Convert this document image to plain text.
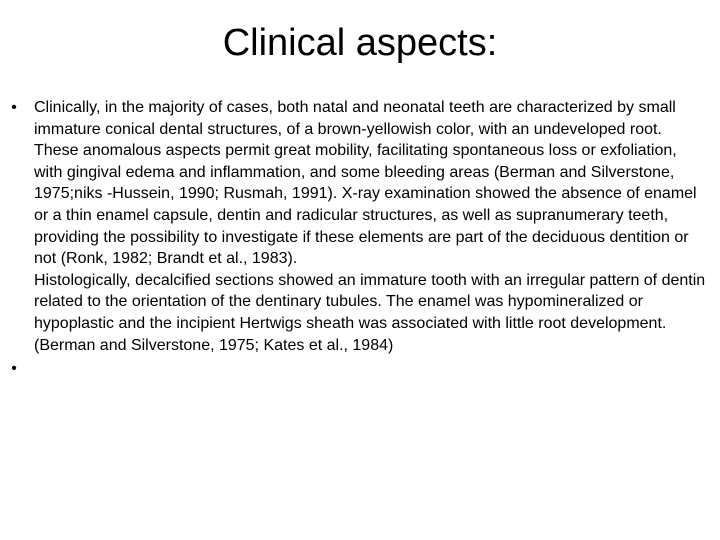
Clinical aspects:
• Clinically, in the majority of cases, both natal and neonatal teeth are characterized by small immature conical dental structures, of a brown-yellowish color, with an undeveloped root. These anomalous aspects permit great mobility, facilitating spontaneous loss or exfoliation, with gingival edema and inflammation, and some bleeding areas (Berman and Silverstone, 1975;niks -Hussein, 1990; Rusmah, 1991). X-ray examination showed the absence of enamel or a thin enamel capsule, dentin and radicular structures, as well as supranumerary teeth, providing the possibility to investigate if these elements are part of the deciduous dentition or not (Ronk, 1982; Brandt et al., 1983).
Histologically, decalcified sections showed an immature tooth with an irregular pattern of dentin related to the orientation of the dentinary tubules. The enamel was hypomineralized or hypoplastic and the incipient Hertwigs sheath was associated with little root development. (Berman and Silverstone, 1975; Kates et al., 1984)
•
